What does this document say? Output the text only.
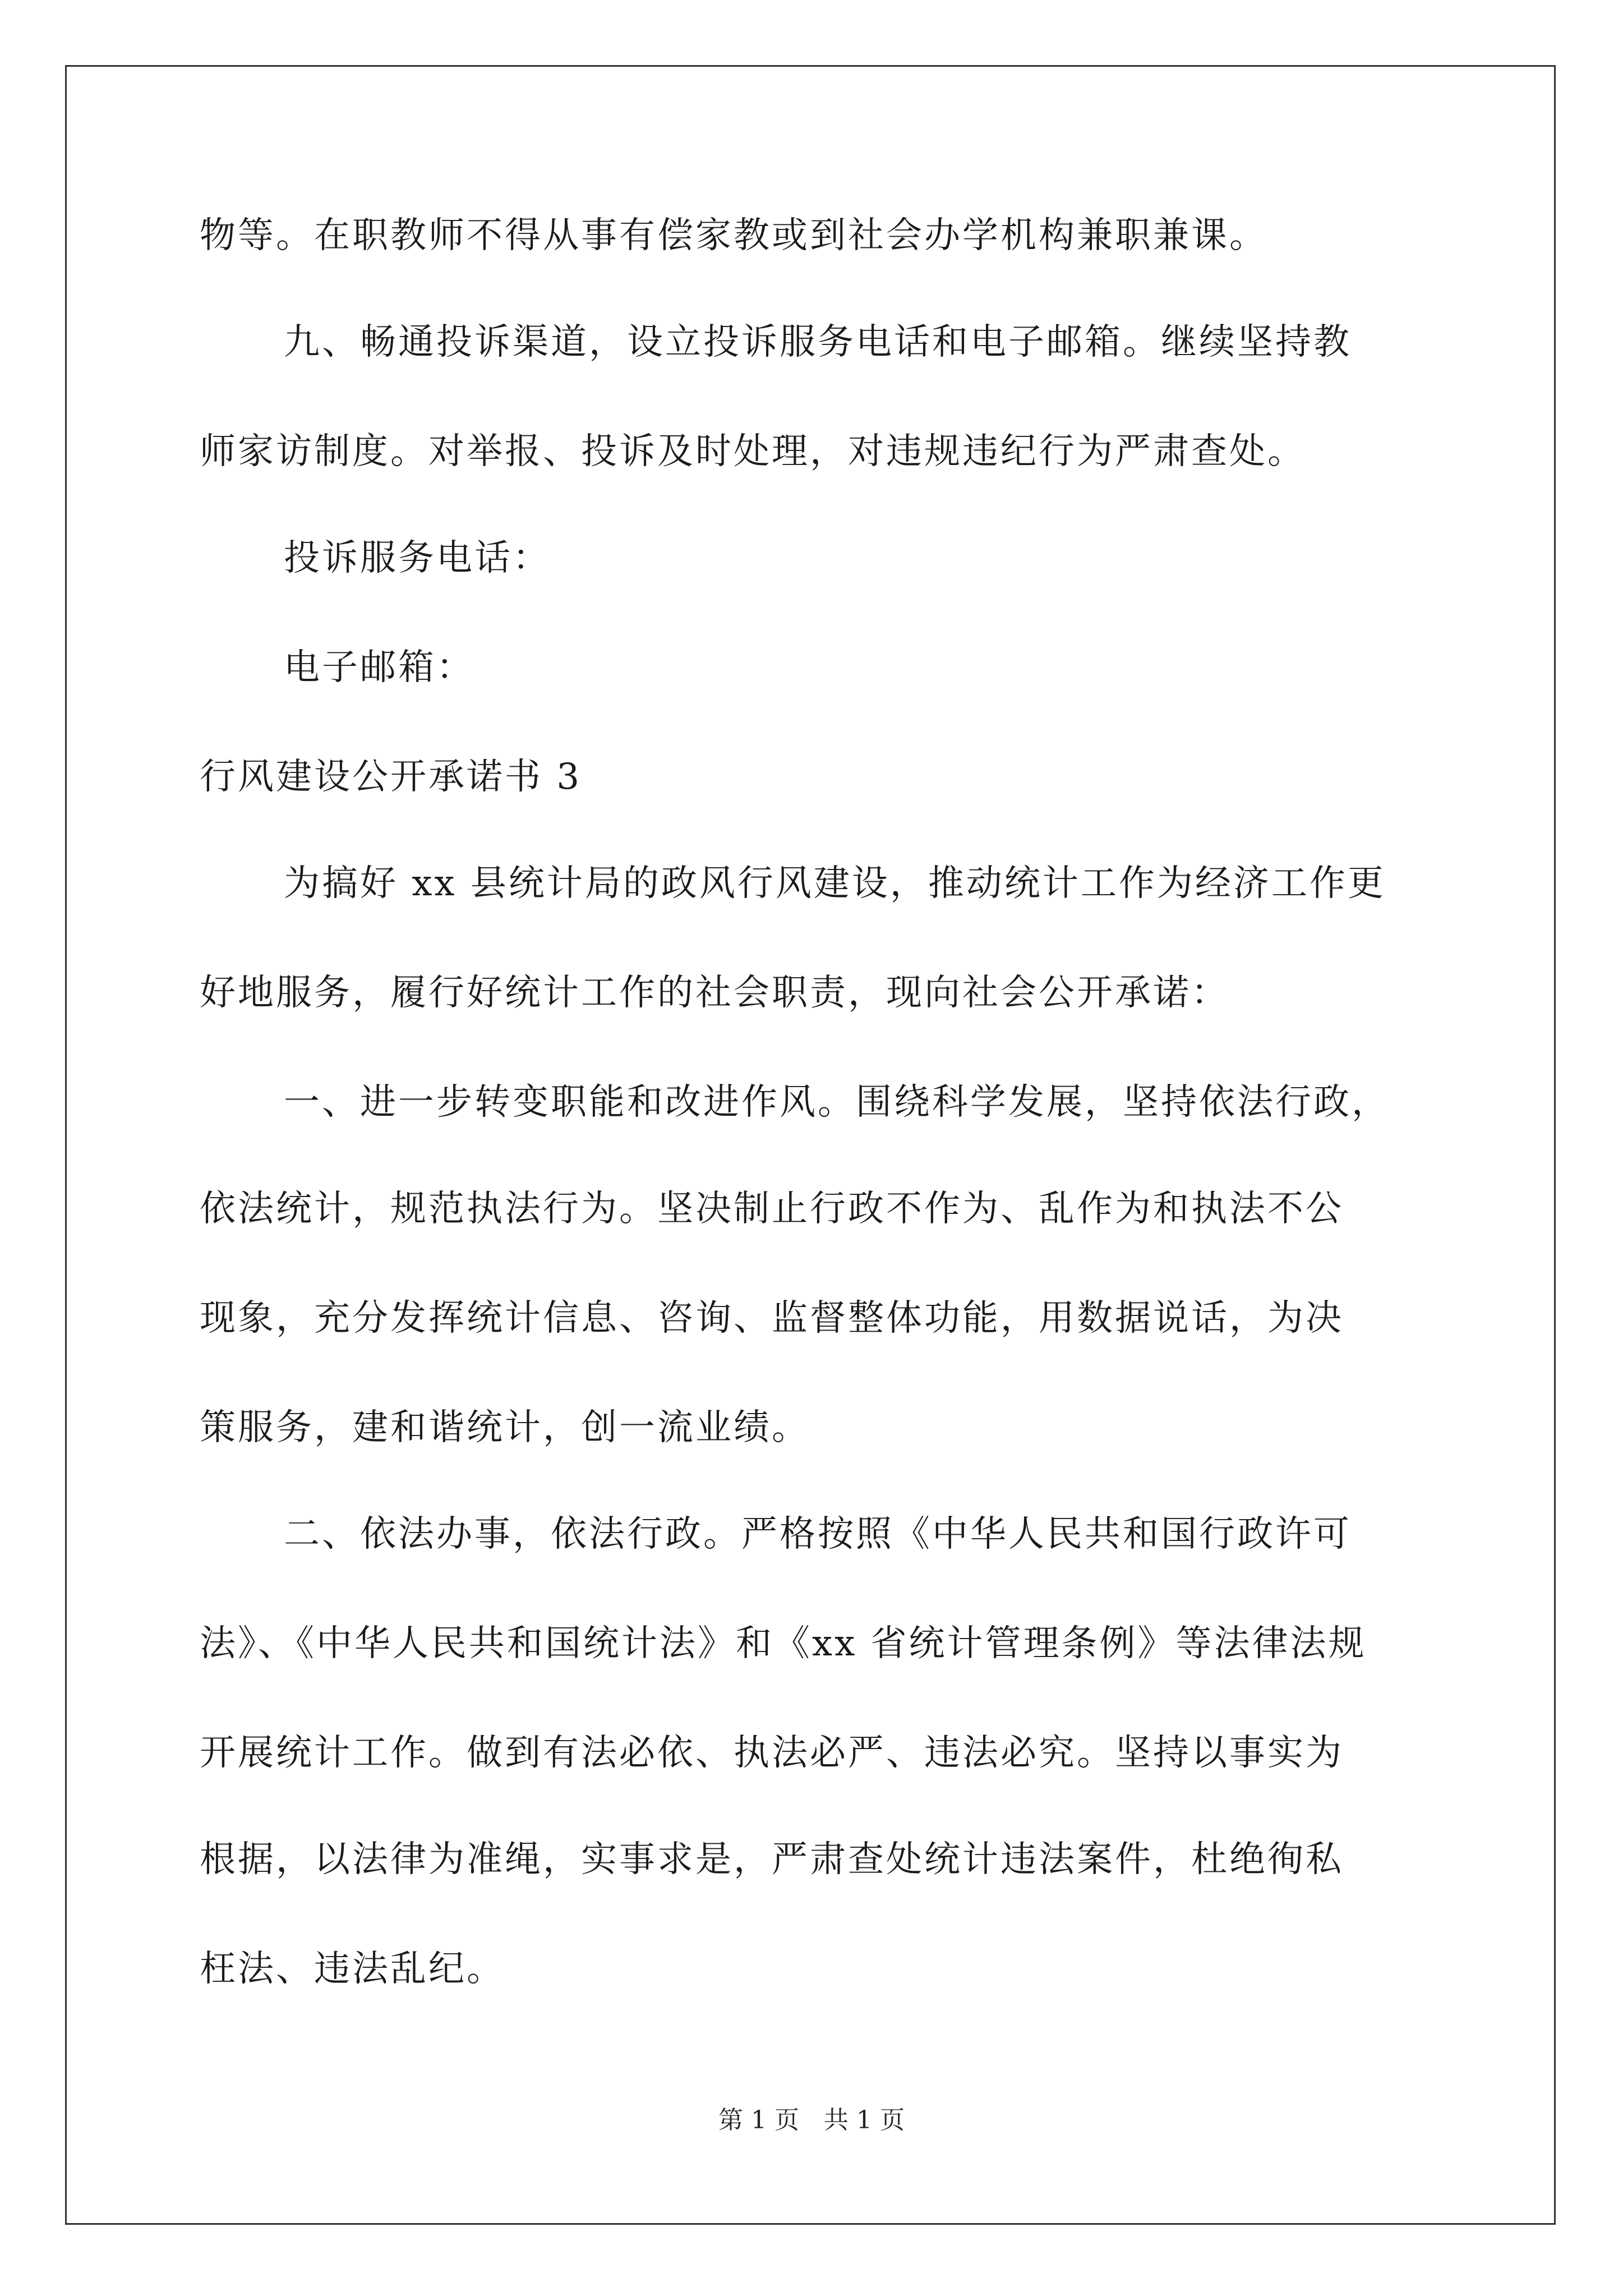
物等。在职教师不得从事有偿家教或到社会办学机构兼职兼课。
九、畅通投诉渠道，设立投诉服务电话和电子邮箱。继续坚持教
师家访制度。对举报、投诉及时处理，对违规违纪行为严肃查处。
投诉服务电话：
电子邮箱：
行风建设公开承诺书 3
为搞好 xx 县统计局的政风行风建设，推动统计工作为经济工作更
好地服务，履行好统计工作的社会职责，现向社会公开承诺：
一、进一步转变职能和改进作风。围绕科学发展，坚持依法行政，
依法统计，规范执法行为。坚决制止行政不作为、乱作为和执法不公
现象，充分发挥统计信息、咨询、监督整体功能，用数据说话，为决
策服务，建和谐统计，创一流业绩。
二、依法办事，依法行政。严格按照《中华人民共和国行政许可
法》、《中华人民共和国统计法》和《xx 省统计管理条例》等法律法规
开展统计工作。做到有法必依、执法必严、违法必究。坚持以事实为
根据，以法律为准绳，实事求是，严肃查处统计违法案件，杜绝徇私
枉法、违法乱纪。
第 1 页　共 1 页
